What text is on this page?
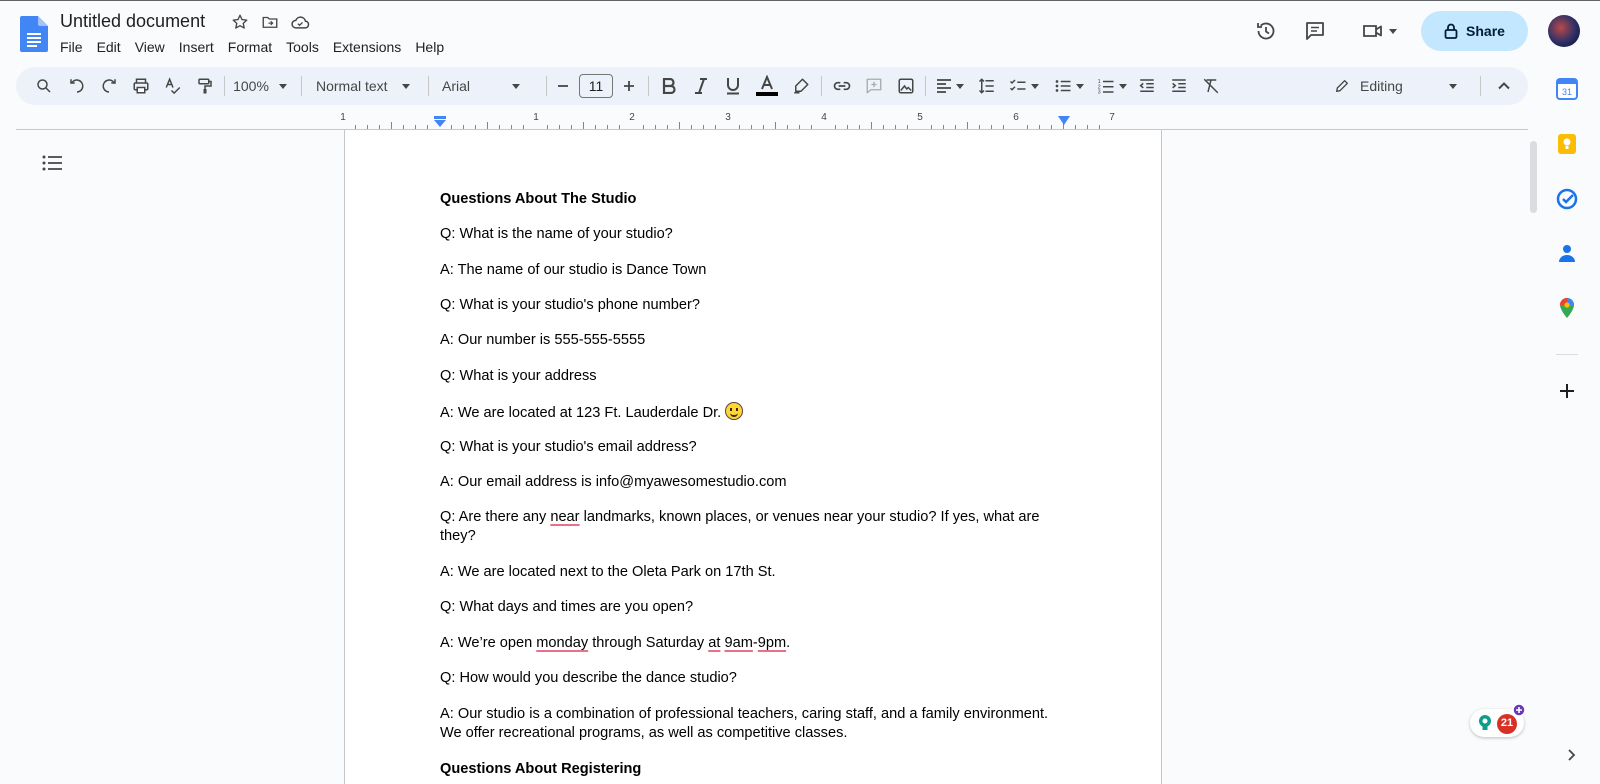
Untitled document
File	Edit	View	Insert	Format	Tools	Extensions	Help
Share
100%	Normal text	Arial	11	1
2
3	Editing
1	1	2	3	4	5	6	7

Questions About The Studio

Q: What is the name of your studio?

A: The name of our studio is Dance Town

Q: What is your studio's phone number?

A: Our number is 555-555-5555

Q: What is your address

A: We are located at 123 Ft. Lauderdale Dr.

Q: What is your studio's email address?

A: Our email address is info@myawesomestudio.com

Q: Are there any near landmarks, known places, or venues near your studio? If yes, what are they?

A: We are located next to the Oleta Park on 17th St.

Q: What days and times are you open?

A: We’re open monday through Saturday at 9am-9pm.

Q: How would you describe the dance studio?

A: Our studio is a combination of professional teachers, caring staff, and a family environment. We offer recreational programs, as well as competitive classes.

Questions About Registering

31
21
